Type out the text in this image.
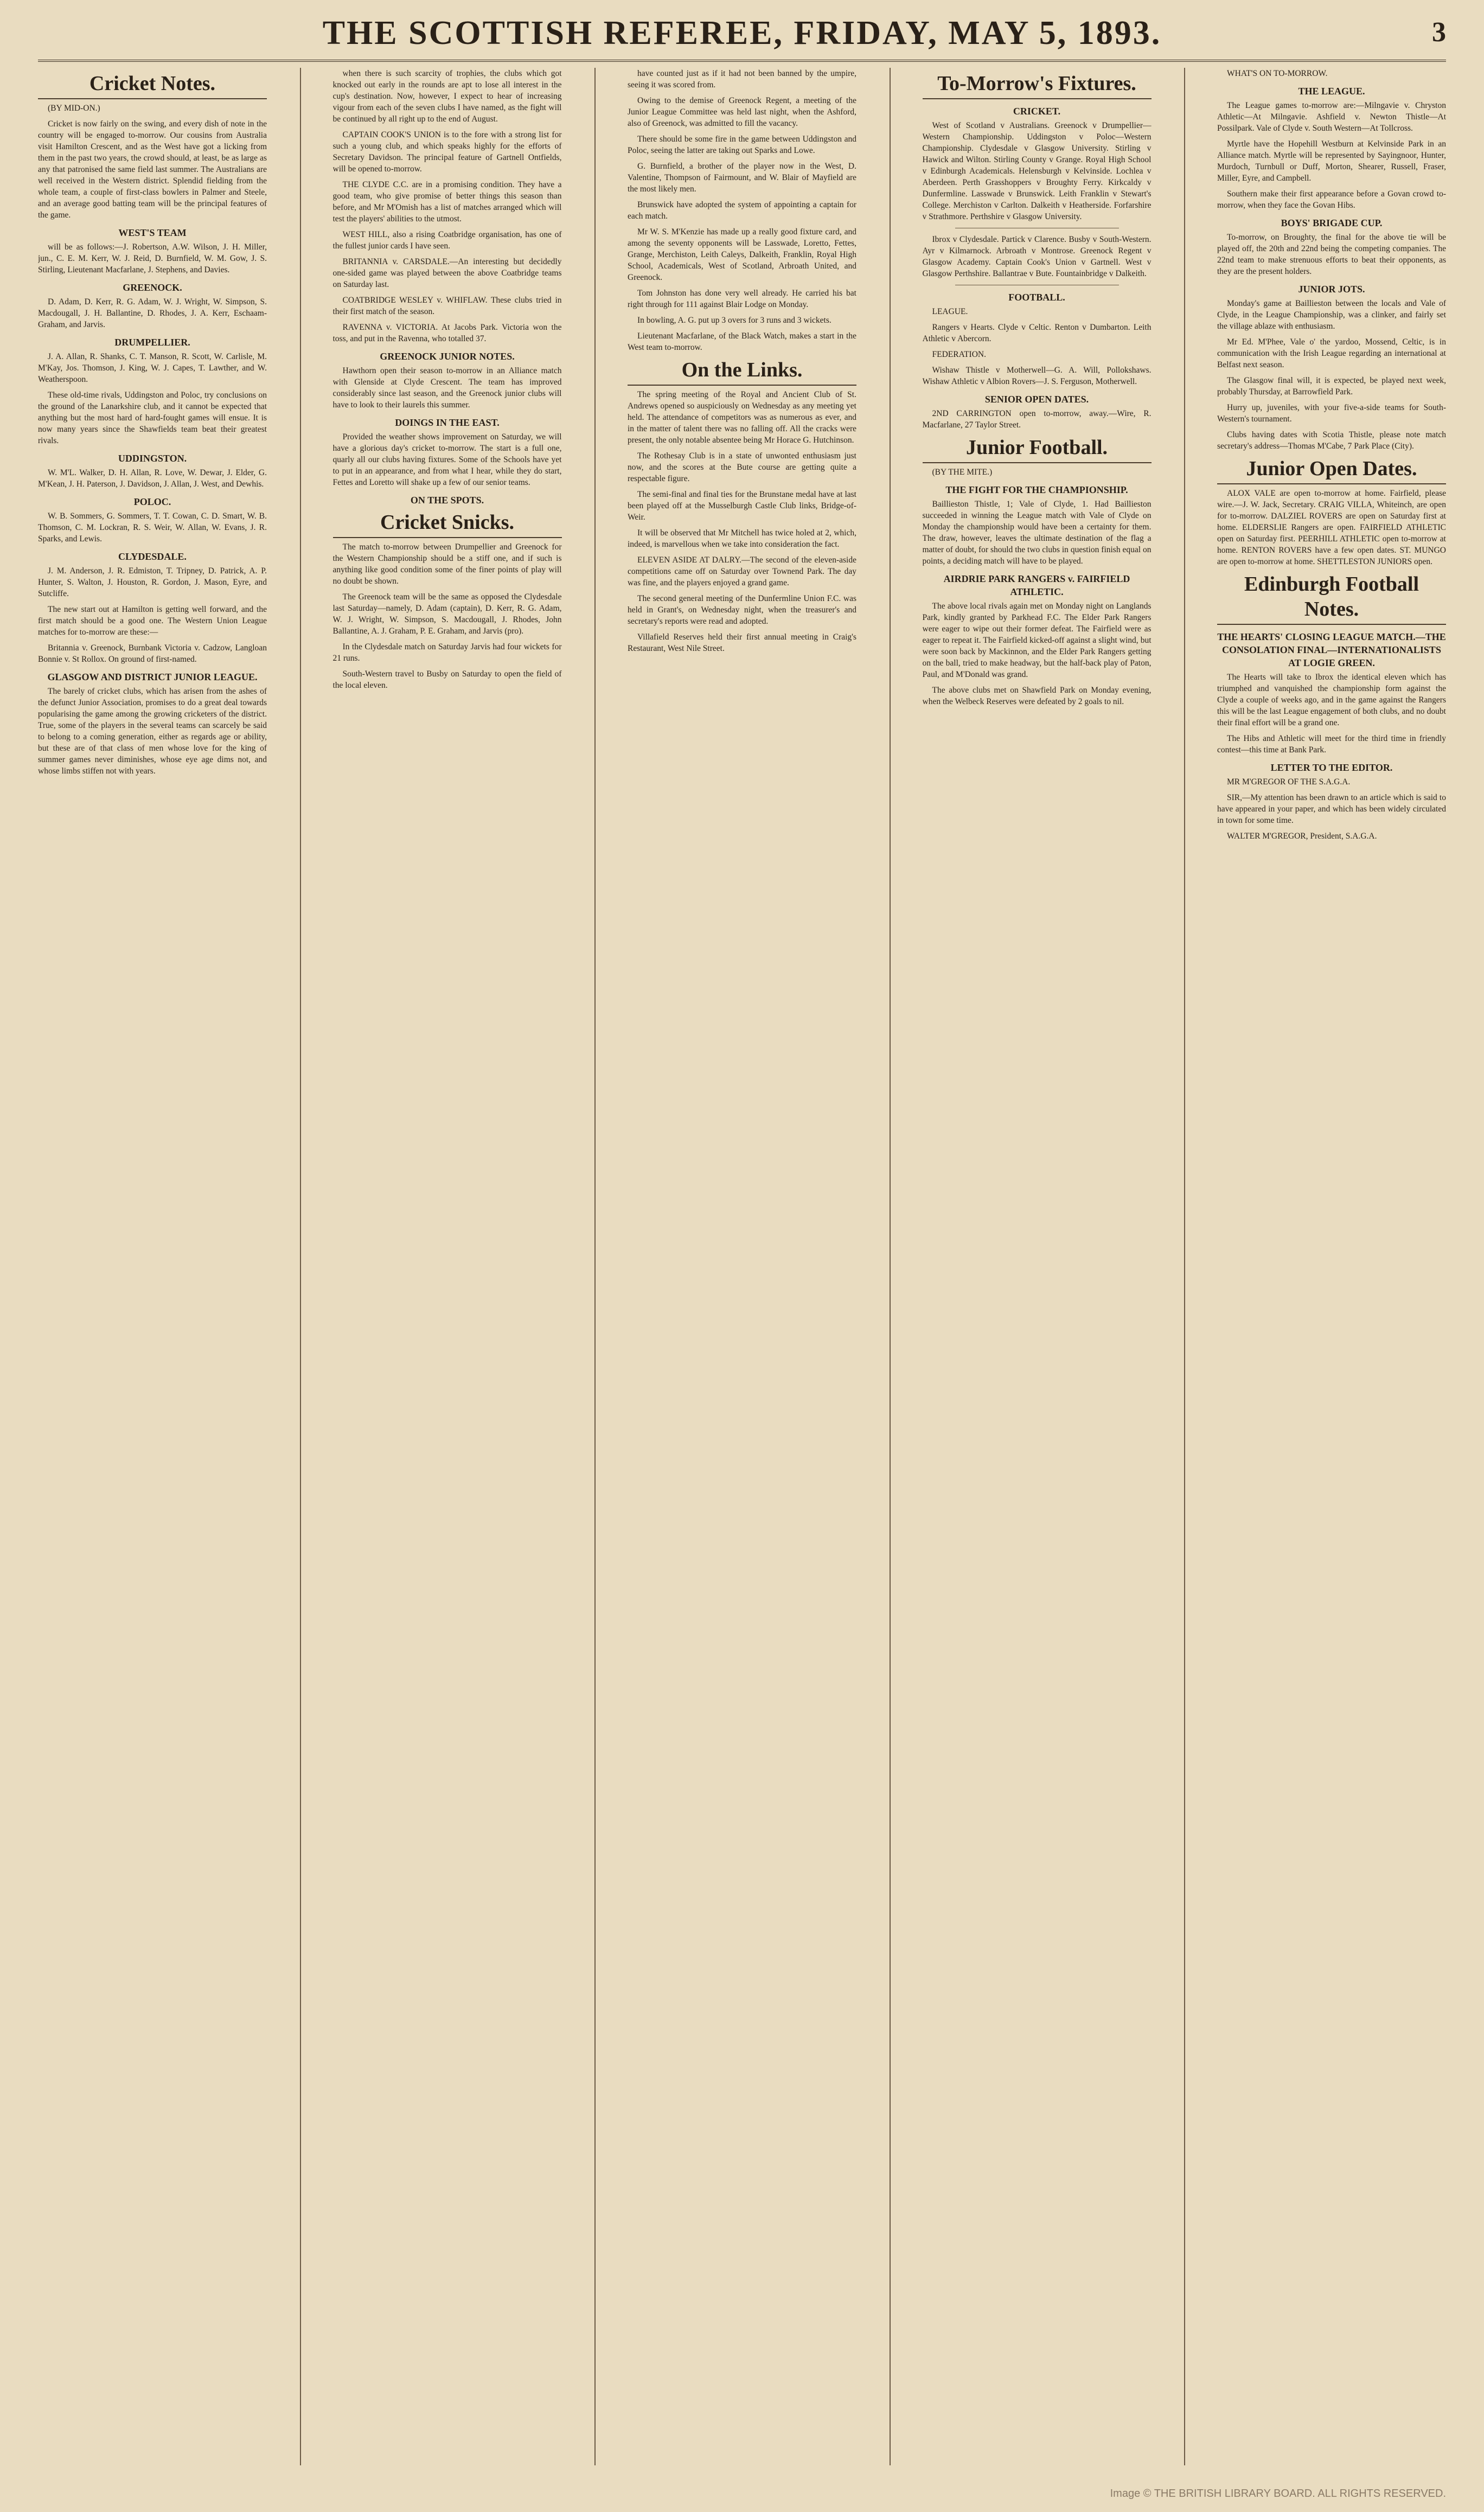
THE SCOTTISH REFEREE, FRIDAY, MAY 5, 1893.	3
Cricket Notes.

(BY MID-ON.)

Cricket is now fairly on the swing, and every dish of note in the country will be engaged to-morrow. Our cousins from Australia visit Hamilton Crescent, and as the West have got a licking from them in the past two years, the crowd should, at least, be as large as any that patronised the same field last summer. The Australians are well received in the Western district. Splendid fielding from the whole team, a couple of first-class bowlers in Palmer and Steele, and an average good batting team will be the principal features of the game.

WEST'S TEAM

will be as follows:—J. Robertson, A.W. Wilson, J. H. Miller, jun., C. E. M. Kerr, W. J. Reid, D. Burnfield, W. M. Gow, J. S. Stirling, Lieutenant Macfarlane, J. Stephens, and Davies.

GREENOCK.

D. Adam, D. Kerr, R. G. Adam, W. J. Wright, W. Simpson, S. Macdougall, J. H. Ballantine, D. Rhodes, J. A. Kerr, Eschaam-Graham, and Jarvis.

DRUMPELLIER.

J. A. Allan, R. Shanks, C. T. Manson, R. Scott, W. Carlisle, M. M'Kay, Jos. Thomson, J. King, W. J. Capes, T. Lawther, and W. Weatherspoon.

These old-time rivals, Uddingston and Poloc, try conclusions on the ground of the Lanarkshire club, and it cannot be expected that anything but the most hard of hard-fought games will ensue. It is now many years since the Shawfields team beat their greatest rivals.

UDDINGSTON.

W. M'L. Walker, D. H. Allan, R. Love, W. Dewar, J. Elder, G. M'Kean, J. H. Paterson, J. Davidson, J. Allan, J. West, and Dewhis.

POLOC.

W. B. Sommers, G. Sommers, T. T. Cowan, C. D. Smart, W. B. Thomson, C. M. Lockran, R. S. Weir, W. Allan, W. Evans, J. R. Sparks, and Lewis.

CLYDESDALE.

J. M. Anderson, J. R. Edmiston, T. Tripney, D. Patrick, A. P. Hunter, S. Walton, J. Houston, R. Gordon, J. Mason, Eyre, and Sutcliffe.

The new start out at Hamilton is getting well forward, and the first match should be a good one. The Western Union League matches for to-morrow are these:—

Britannia v. Greenock, Burnbank Victoria v. Cadzow, Langloan Bonnie v. St Rollox. On ground of first-named.

GLASGOW AND DISTRICT JUNIOR LEAGUE.

The barely of cricket clubs, which has arisen from the ashes of the defunct Junior Association, promises to do a great deal towards popularising the game among the growing cricketers of the district. True, some of the players in the several teams can scarcely be said to belong to a coming generation, either as regards age or ability, but these are of that class of men whose love for the king of summer games never diminishes, whose eye age dims not, and whose limbs stiffen not with years.

when there is such scarcity of trophies, the clubs which got knocked out early in the rounds are apt to lose all interest in the cup's destination. Now, however, I expect to hear of increasing vigour from each of the seven clubs I have named, as the fight will be continued by all right up to the end of August.

CAPTAIN COOK'S UNION is to the fore with a strong list for such a young club, and which speaks highly for the efforts of Secretary Davidson. The principal feature of Gartnell Ontfields, will be opened to-morrow.

THE CLYDE C.C. are in a promising condition. They have a good team, who give promise of better things this season than before, and Mr M'Omish has a list of matches arranged which will test the players' abilities to the utmost.

WEST HILL, also a rising Coatbridge organisation, has one of the fullest junior cards I have seen.

BRITANNIA v. CARSDALE.—An interesting but decidedly one-sided game was played between the above Coatbridge teams on Saturday last.

COATBRIDGE WESLEY v. WHIFLAW. These clubs tried in their first match of the season.

RAVENNA v. VICTORIA. At Jacobs Park. Victoria won the toss, and put in the Ravenna, who totalled 37.

GREENOCK JUNIOR NOTES.

Hawthorn open their season to-morrow in an Alliance match with Glenside at Clyde Crescent. The team has improved considerably since last season, and the Greenock junior clubs will have to look to their laurels this summer.

DOINGS IN THE EAST.

Provided the weather shows improvement on Saturday, we will have a glorious day's cricket to-morrow. The start is a full one, quarly all our clubs having fixtures. Some of the Schools have yet to put in an appearance, and from what I hear, while they do start, Fettes and Loretto will shake up a few of our senior teams.

ON THE SPOTS.
Cricket Snicks.

The match to-morrow between Drumpellier and Greenock for the Western Championship should be a stiff one, and if such is anything like good condition some of the finer points of play will no doubt be shown.

The Greenock team will be the same as opposed the Clydesdale last Saturday—namely, D. Adam (captain), D. Kerr, R. G. Adam, W. J. Wright, W. Simpson, S. Macdougall, J. Rhodes, John Ballantine, A. J. Graham, P. E. Graham, and Jarvis (pro).

In the Clydesdale match on Saturday Jarvis had four wickets for 21 runs.

South-Western travel to Busby on Saturday to open the field of the local eleven.

have counted just as if it had not been banned by the umpire, seeing it was scored from.

Owing to the demise of Greenock Regent, a meeting of the Junior League Committee was held last night, when the Ashford, also of Greenock, was admitted to fill the vacancy.

There should be some fire in the game between Uddingston and Poloc, seeing the latter are taking out Sparks and Lowe.

G. Burnfield, a brother of the player now in the West, D. Valentine, Thompson of Fairmount, and W. Blair of Mayfield are the most likely men.

Brunswick have adopted the system of appointing a captain for each match.

Mr W. S. M'Kenzie has made up a really good fixture card, and among the seventy opponents will be Lasswade, Loretto, Fettes, Grange, Merchiston, Leith Caleys, Dalkeith, Franklin, Royal High School, Academicals, West of Scotland, Arbroath United, and Greenock.

Tom Johnston has done very well already. He carried his bat right through for 111 against Blair Lodge on Monday.

In bowling, A. G. put up 3 overs for 3 runs and 3 wickets.

Lieutenant Macfarlane, of the Black Watch, makes a start in the West team to-morrow.

On the Links.

The spring meeting of the Royal and Ancient Club of St. Andrews opened so auspiciously on Wednesday as any meeting yet held. The attendance of competitors was as numerous as ever, and in the matter of talent there was no falling off. All the cracks were present, the only notable absentee being Mr Horace G. Hutchinson.

The Rothesay Club is in a state of unwonted enthusiasm just now, and the scores at the Bute course are getting quite a respectable figure.

The semi-final and final ties for the Brunstane medal have at last been played off at the Musselburgh Castle Club links, Bridge-of-Weir.

It will be observed that Mr Mitchell has twice holed at 2, which, indeed, is marvellous when we take into consideration the fact.

ELEVEN ASIDE AT DALRY.—The second of the eleven-aside competitions came off on Saturday over Townend Park. The day was fine, and the players enjoyed a grand game.

The second general meeting of the Dunfermline Union F.C. was held in Grant's, on Wednesday night, when the treasurer's and secretary's reports were read and adopted.

Villafield Reserves held their first annual meeting in Craig's Restaurant, West Nile Street.

To-Morrow's Fixtures.
CRICKET.

West of Scotland v Australians. Greenock v Drumpellier—Western Championship. Uddingston v Poloc—Western Championship. Clydesdale v Glasgow University. Stirling v Hawick and Wilton. Stirling County v Grange. Royal High School v Edinburgh Academicals. Helensburgh v Kelvinside. Lochlea v Aberdeen. Perth Grasshoppers v Broughty Ferry. Kirkcaldy v Dunfermline. Lasswade v Brunswick. Leith Franklin v Stewart's College. Merchiston v Carlton. Dalkeith v Heatherside. Forfarshire v Strathmore. Perthshire v Glasgow University.

Ibrox v Clydesdale. Partick v Clarence. Busby v South-Western. Ayr v Kilmarnock. Arbroath v Montrose. Greenock Regent v Glasgow Academy. Captain Cook's Union v Gartnell. West v Glasgow Perthshire. Ballantrae v Bute. Fountainbridge v Dalkeith.

FOOTBALL.

LEAGUE.

Rangers v Hearts. Clyde v Celtic. Renton v Dumbarton. Leith Athletic v Abercorn.

FEDERATION.

Wishaw Thistle v Motherwell—G. A. Will, Pollokshaws. Wishaw Athletic v Albion Rovers—J. S. Ferguson, Motherwell.

SENIOR OPEN DATES.

2ND CARRINGTON open to-morrow, away.—Wire, R. Macfarlane, 27 Taylor Street.

Junior Football.

(BY THE MITE.)

THE FIGHT FOR THE CHAMPIONSHIP.

Baillieston Thistle, 1; Vale of Clyde, 1. Had Baillieston succeeded in winning the League match with Vale of Clyde on Monday the championship would have been a certainty for them. The draw, however, leaves the ultimate destination of the flag a matter of doubt, for should the two clubs in question finish equal on points, a deciding match will have to be played.

AIRDRIE PARK RANGERS v. FAIRFIELD ATHLETIC.

The above local rivals again met on Monday night on Langlands Park, kindly granted by Parkhead F.C. The Elder Park Rangers were eager to wipe out their former defeat. The Fairfield were as eager to repeat it. The Fairfield kicked-off against a slight wind, but were soon back by Mackinnon, and the Elder Park Rangers getting on the ball, tried to make headway, but the half-back play of Paton, Paul, and M'Donald was grand.

The above clubs met on Shawfield Park on Monday evening, when the Welbeck Reserves were defeated by 2 goals to nil.

WHAT'S ON TO-MORROW.

THE LEAGUE.

The League games to-morrow are:—Milngavie v. Chryston Athletic—At Milngavie. Ashfield v. Newton Thistle—At Possilpark. Vale of Clyde v. South Western—At Tollcross.

Myrtle have the Hopehill Westburn at Kelvinside Park in an Alliance match. Myrtle will be represented by Sayingnoor, Hunter, Murdoch, Turnbull or Duff, Morton, Shearer, Russell, Fraser, Miller, Eyre, and Campbell.

Southern make their first appearance before a Govan crowd to-morrow, when they face the Govan Hibs.

BOYS' BRIGADE CUP.

To-morrow, on Broughty, the final for the above tie will be played off, the 20th and 22nd being the competing companies. The 22nd team to make strenuous efforts to beat their opponents, as they are the present holders.

JUNIOR JOTS.

Monday's game at Baillieston between the locals and Vale of Clyde, in the League Championship, was a clinker, and fairly set the village ablaze with enthusiasm.

Mr Ed. M'Phee, Vale o' the yardoo, Mossend, Celtic, is in communication with the Irish League regarding an international at Belfast next season.

The Glasgow final will, it is expected, be played next week, probably Thursday, at Barrowfield Park.

Hurry up, juveniles, with your five-a-side teams for South-Western's tournament.

Clubs having dates with Scotia Thistle, please note match secretary's address—Thomas M'Cabe, 7 Park Place (City).

Junior Open Dates.

ALOX VALE are open to-morrow at home. Fairfield, please wire.—J. W. Jack, Secretary. CRAIG VILLA, Whiteinch, are open for to-morrow. DALZIEL ROVERS are open on Saturday first at home. ELDERSLIE Rangers are open. FAIRFIELD ATHLETIC open on Saturday first. PEERHILL ATHLETIC open to-morrow at home. RENTON ROVERS have a few open dates. ST. MUNGO are open to-morrow at home. SHETTLESTON JUNIORS open.

Edinburgh Football Notes.
THE HEARTS' CLOSING LEAGUE MATCH.—THE CONSOLATION FINAL—INTERNATIONALISTS AT LOGIE GREEN.

The Hearts will take to Ibrox the identical eleven which has triumphed and vanquished the championship form against the Clyde a couple of weeks ago, and in the game against the Rangers this will be the last League engagement of both clubs, and no doubt their final effort will be a grand one.

The Hibs and Athletic will meet for the third time in friendly contest—this time at Bank Park.

LETTER TO THE EDITOR.

MR M'GREGOR OF THE S.A.G.A.

SIR,—My attention has been drawn to an article which is said to have appeared in your paper, and which has been widely circulated in town for some time.

WALTER M'GREGOR, President, S.A.G.A.

Image © THE BRITISH LIBRARY BOARD. ALL RIGHTS RESERVED.
